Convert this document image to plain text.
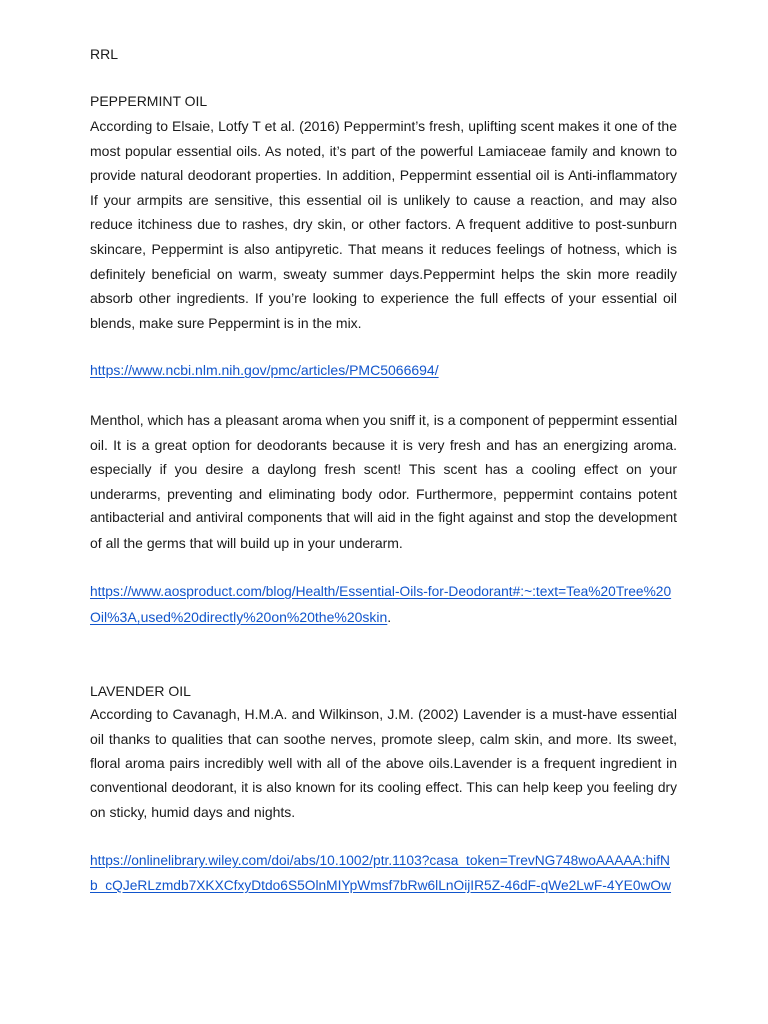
RRL
PEPPERMINT OIL
According to Elsaie, Lotfy T et al. (2016) Peppermint’s fresh, uplifting scent makes it one of the
most popular essential oils. As noted, it’s part of the powerful Lamiaceae family and known to
provide natural deodorant properties. In addition, Peppermint essential oil is Anti-inflammatory
If your armpits are sensitive, this essential oil is unlikely to cause a reaction, and may also
reduce itchiness due to rashes, dry skin, or other factors. A frequent additive to post-sunburn
skincare, Peppermint is also antipyretic. That means it reduces feelings of hotness, which is
definitely beneficial on warm, sweaty summer days.Peppermint helps the skin more readily
absorb other ingredients. If you’re looking to experience the full effects of your essential oil
blends, make sure Peppermint is in the mix.
https://www.ncbi.nlm.nih.gov/pmc/articles/PMC5066694/
Menthol, which has a pleasant aroma when you sniff it, is a component of peppermint essential
oil. It is a great option for deodorants because it is very fresh and has an energizing aroma.
especially if you desire a daylong fresh scent! This scent has a cooling effect on your
underarms, preventing and eliminating body odor. Furthermore, peppermint contains potent
antibacterial and antiviral components that will aid in the fight against and stop the development
of all the germs that will build up in your underarm.
https://www.aosproduct.com/blog/Health/Essential-Oils-for-Deodorant#:~:text=Tea%20Tree%20
Oil%3A,used%20directly%20on%20the%20skin.
LAVENDER OIL
According to Cavanagh, H.M.A. and Wilkinson, J.M. (2002) Lavender is a must-have essential
oil thanks to qualities that can soothe nerves, promote sleep, calm skin, and more. Its sweet,
floral aroma pairs incredibly well with all of the above oils.Lavender is a frequent ingredient in
conventional deodorant, it is also known for its cooling effect. This can help keep you feeling dry
on sticky, humid days and nights.
https://onlinelibrary.wiley.com/doi/abs/10.1002/ptr.1103?casa_token=TrevNG748woAAAAA:hifN
b_cQJeRLzmdb7XKXCfxyDtdo6S5OlnMIYpWmsf7bRw6lLnOijIR5Z-46dF-qWe2LwF-4YE0wOw
